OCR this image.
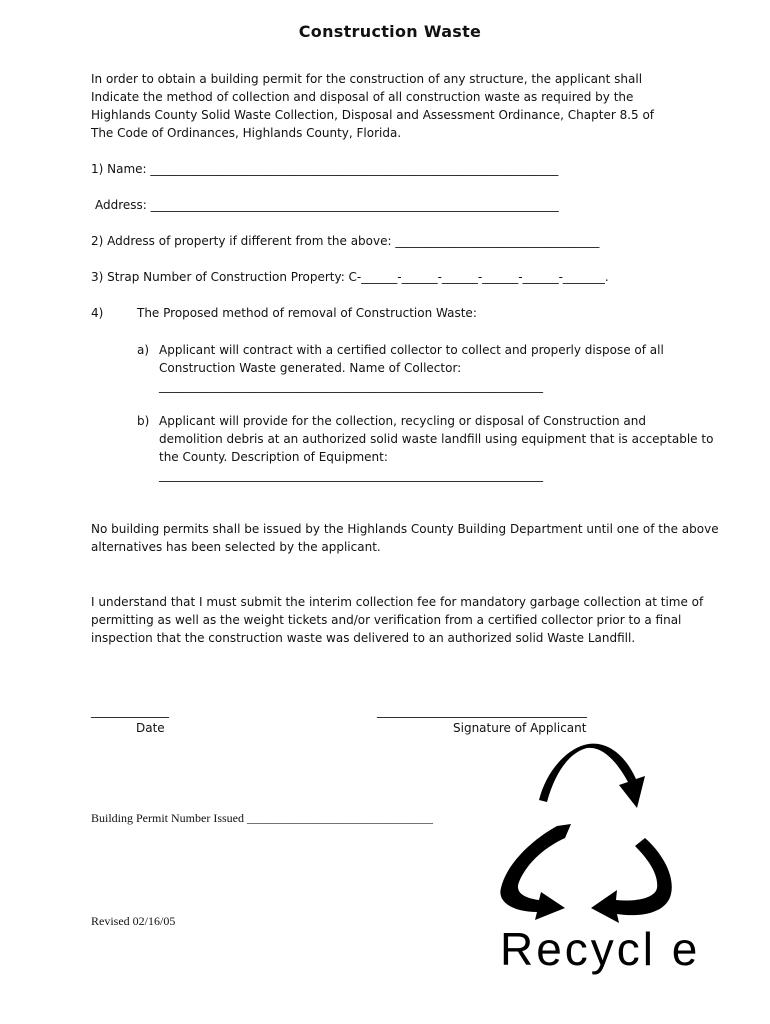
Construction Waste
In order to obtain a building permit for the construction of any structure, the applicant shall
Indicate the method of collection and disposal of all construction waste as required by the
Highlands County Solid Waste Collection, Disposal and Assessment Ordinance, Chapter 8.5 of
The Code of Ordinances, Highlands County, Florida.
1) Name: ____________________________________________________________________
Address: ____________________________________________________________________
2) Address of property if different from the above: __________________________________
3) Strap Number of Construction Property: C-______-______-______-______-______-_______.
4)	The Proposed method of removal of Construction Waste:
a) Applicant will contract with a certified collector to collect and properly dispose of all
Construction Waste generated. Name of Collector:
________________________________________________________________
b) Applicant will provide for the collection, recycling or disposal of Construction and
demolition debris at an authorized solid waste landfill using equipment that is acceptable to
the County. Description of Equipment:
________________________________________________________________
No building permits shall be issued by the Highlands County Building Department until one of the above
alternatives has been selected by the applicant.
I understand that I must submit the interim collection fee for mandatory garbage collection at time of
permitting as well as the weight tickets and/or verification from a certified collector prior to a final
inspection that the construction waste was delivered to an authorized solid Waste Landfill.
_____________
Date
___________________________________
Signature of Applicant
Building Permit Number Issued _______________________________
Revised 02/16/05
Recycl e
